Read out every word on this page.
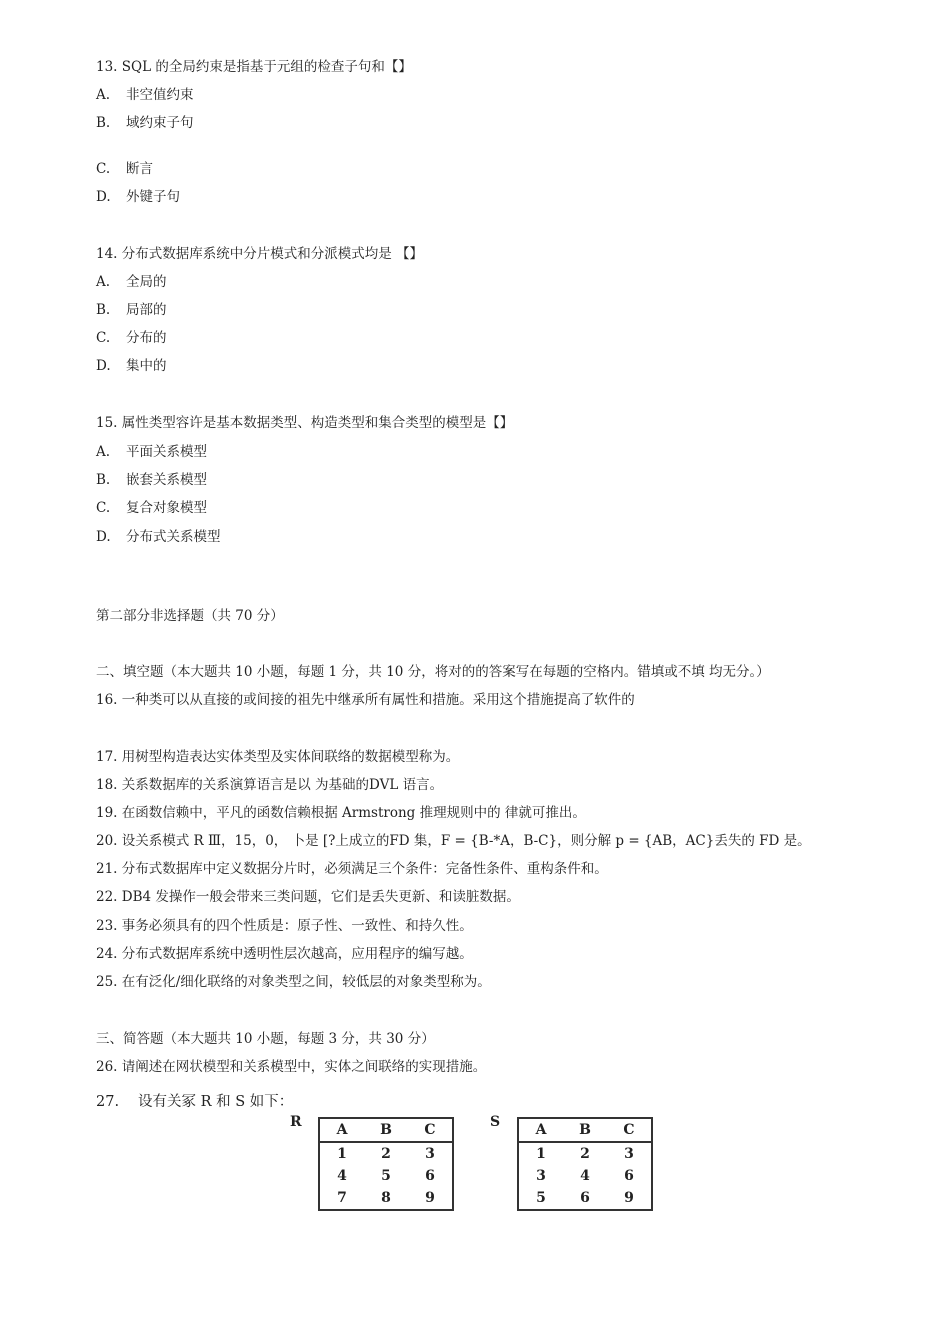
13. SQL 的全局约束是指基于元组的检查子句和【】
A. 非空值约束
B. 域约束子句
C. 断言
D. 外键子句
14. 分布式数据库系统中分片模式和分派模式均是 【】
A. 全局的
B. 局部的
C. 分布的
D. 集中的
15. 属性类型容许是基本数据类型、构造类型和集合类型的模型是【】
A. 平面关系模型
B. 嵌套关系模型
C. 复合对象模型
D. 分布式关系模型
第二部分非选择题（共 70 分）
二、填空题（本大题共 10 小题，每题 1 分，共 10 分，将对的的答案写在每题的空格内。错填或不填 均无分。）
16. 一种类可以从直接的或间接的祖先中继承所有属性和措施。采用这个措施提高了软件的
17. 用树型构造表达实体类型及实体间联络的数据模型称为。
18. 关系数据库的关系演算语言是以 为基础的DVL 语言。
19. 在函数信赖中，平凡的函数信赖根据 Armstrong 推理规则中的 律就可推出。
20. 设关系模式 R Ⅲ，15，0， 卜是 [?上成立的FD 集，F = {B-*A，B-C}，则分解 p = {AB，AC}丢失的 FD 是。
21. 分布式数据库中定义数据分片时，必须满足三个条件：完备性条件、重构条件和。
22. DB4 发操作一般会带来三类问题，它们是丢失更新、和读脏数据。
23. 事务必须具有的四个性质是：原子性、一致性、和持久性。
24. 分布式数据库系统中透明性层次越高，应用程序的编写越。
25. 在有泛化/细化联络的对象类型之间，较低层的对象类型称为。
三、简答题（本大题共 10 小题，每题 3 分，共 30 分）
26. 请阐述在网状模型和关系模型中，实体之间联络的实现措施。
27. 设有关冢 R 和 S 如下：
R A	B	C
1	2	3
4	5	6
7	8	9
S	A	B	C
1	2	3
3	4	6
5	6	9
